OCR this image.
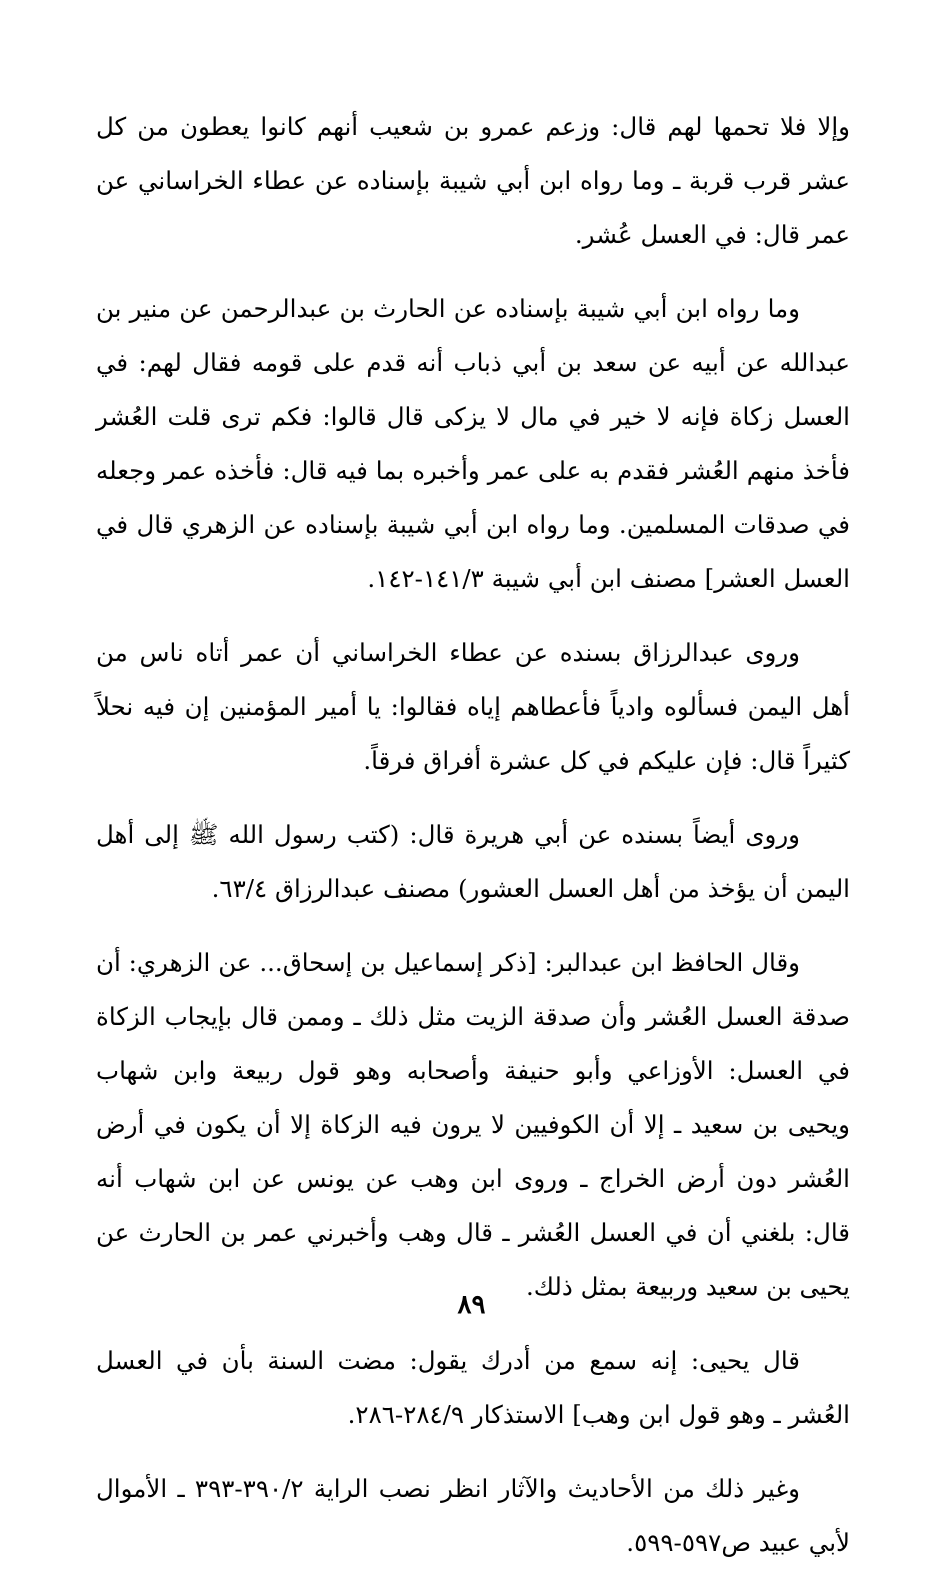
وإلا فلا تحمها لهم قال: وزعم عمرو بن شعيب أنهم كانوا يعطون من كل عشر قرب قربة ـ وما رواه ابن أبي شيبة بإسناده عن عطاء الخراساني عن عمر قال: في العسل عُشر.

وما رواه ابن أبي شيبة بإسناده عن الحارث بن عبدالرحمن عن منير بن عبدالله عن أبيه عن سعد بن أبي ذباب أنه قدم على قومه فقال لهم: في العسل زكاة فإنه لا خير في مال لا يزكى قال قالوا: فكم ترى قلت العُشر فأخذ منهم العُشر فقدم به على عمر وأخبره بما فيه قال: فأخذه عمر وجعله في صدقات المسلمين. وما رواه ابن أبي شيبة بإسناده عن الزهري قال في العسل العشر] مصنف ابن أبي شيبة ١٤١/٣-١٤٢.

وروى عبدالرزاق بسنده عن عطاء الخراساني أن عمر أتاه ناس من أهل اليمن فسألوه وادياً فأعطاهم إياه فقالوا: يا أمير المؤمنين إن فيه نحلاً كثيراً قال: فإن عليكم في كل عشرة أفراق فرقاً.

وروى أيضاً بسنده عن أبي هريرة قال: (كتب رسول الله ﷺ إلى أهل اليمن أن يؤخذ من أهل العسل العشور) مصنف عبدالرزاق ٦٣/٤.

وقال الحافظ ابن عبدالبر: [ذكر إسماعيل بن إسحاق... عن الزهري: أن صدقة العسل العُشر وأن صدقة الزيت مثل ذلك ـ وممن قال بإيجاب الزكاة في العسل: الأوزاعي وأبو حنيفة وأصحابه وهو قول ربيعة وابن شهاب ويحيى بن سعيد ـ إلا أن الكوفيين لا يرون فيه الزكاة إلا أن يكون في أرض العُشر دون أرض الخراج ـ وروى ابن وهب عن يونس عن ابن شهاب أنه قال: بلغني أن في العسل العُشر ـ قال وهب وأخبرني عمر بن الحارث عن يحيى بن سعيد وربيعة بمثل ذلك.

قال يحيى: إنه سمع من أدرك يقول: مضت السنة بأن في العسل العُشر ـ وهو قول ابن وهب] الاستذكار ٢٨٤/٩-٢٨٦.

وغير ذلك من الأحاديث والآثار انظر نصب الراية ٣٩٠/٢-٣٩٣ ـ الأموال لأبي عبيد ص٥٩٧-٥٩٩.

٨٩
